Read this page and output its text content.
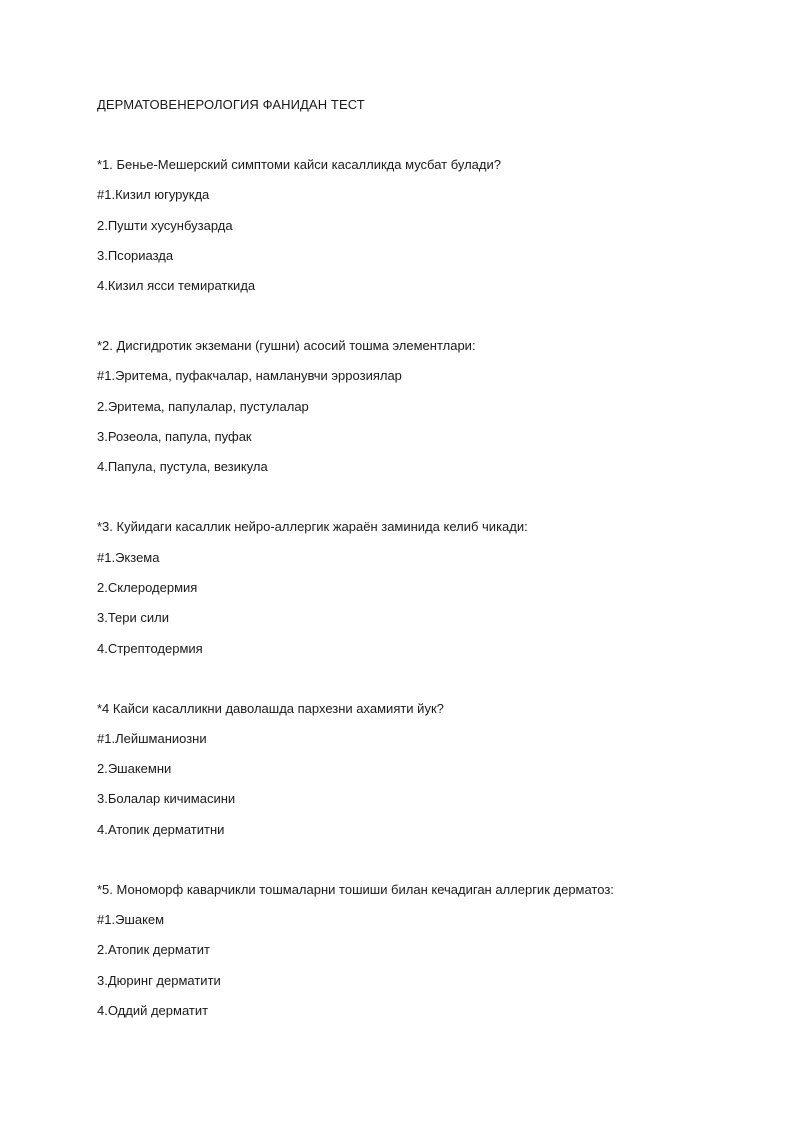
ДЕРМАТОВЕНЕРОЛОГИЯ ФАНИДАН ТЕСТ
*1. Бенье-Мешерский симптоми кайси касалликда мусбат булади?
#1.Кизил югурукда
2.Пушти хусунбузарда
3.Псориазда
4.Кизил ясси темираткида
*2. Дисгидротик экземани (гушни) асосий тошма элементлари:
#1.Эритема, пуфакчалар, намланувчи эррозиялар
2.Эритема, папулалар, пустулалар
3.Розеола, папула, пуфак
4.Папула, пустула, везикула
*3. Куйидаги касаллик нейро-аллергик жараён заминида келиб чикади:
#1.Экзема
2.Склеродермия
3.Тери сили
4.Стрептодермия
*4 Кайси касалликни даволашда пархезни ахамияти йук?
#1.Лейшманиозни
2.Эшакемни
3.Болалар кичимасини
4.Атопик дерматитни
*5. Мономорф каварчикли тошмаларни тошиши билан кечадиган аллергик дерматоз:
#1.Эшакем
2.Атопик дерматит
3.Дюринг дерматити
4.Оддий дерматит
